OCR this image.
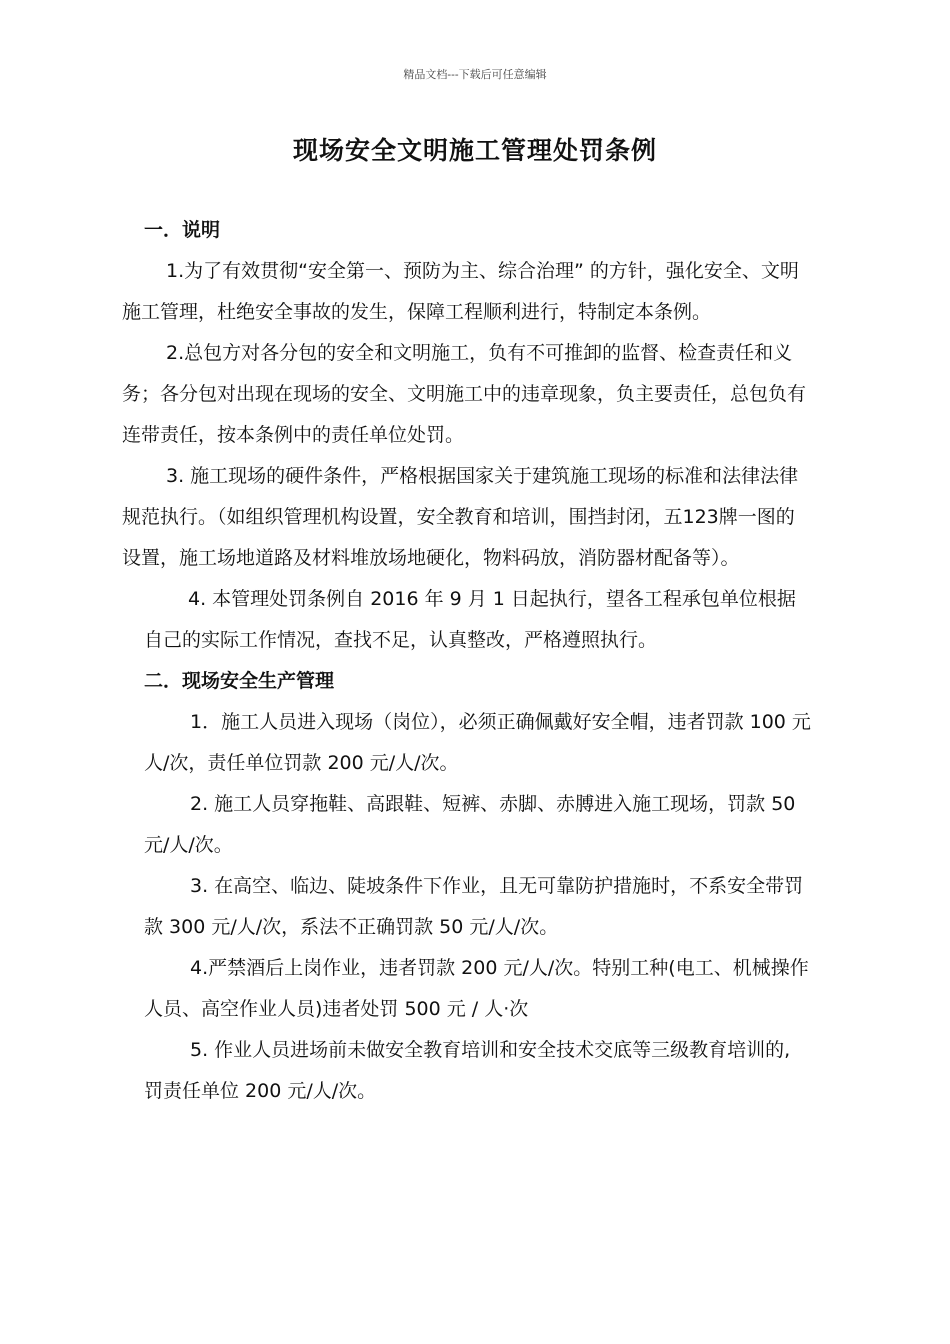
精品文档---下载后可任意编辑
现场安全文明施工管理处罚条例
一．说明

1.为了有效贯彻“安全第一、预防为主、综合治理” 的方针，强化安全、文明施工管理，杜绝安全事故的发生，保障工程顺利进行，特制定本条例。

2.总包方对各分包的安全和文明施工，负有不可推卸的监督、检查责任和义务；各分包对出现在现场的安全、文明施工中的违章现象，负主要责任，总包负有连带责任，按本条例中的责任单位处罚。

3. 施工现场的硬件条件，严格根据国家关于建筑施工现场的标准和法律法律规范执行。（如组织管理机构设置，安全教育和培训，围挡封闭，五123牌一图的设置，施工场地道路及材料堆放场地硬化，物料码放，消防器材配备等）。

4. 本管理处罚条例自 2016 年 9 月 1 日起执行，望各工程承包单位根据自己的实际工作情况，查找不足，认真整改，严格遵照执行。

二．现场安全生产管理

1．施工人员进入现场（岗位），必须正确佩戴好安全帽，违者罚款 100 元人/次，责任单位罚款 200 元/人/次。

2. 施工人员穿拖鞋、高跟鞋、短裤、赤脚、赤膊进入施工现场，罚款 50 元/人/次。

3. 在高空、临边、陡坡条件下作业，且无可靠防护措施时，不系安全带罚款 300 元/人/次，系法不正确罚款 50 元/人/次。

4.严禁酒后上岗作业，违者罚款 200 元/人/次。特别工种(电工、机械操作人员、高空作业人员)违者处罚 500 元 / 人·次

5. 作业人员进场前未做安全教育培训和安全技术交底等三级教育培训的, 罚责任单位 200 元/人/次。
